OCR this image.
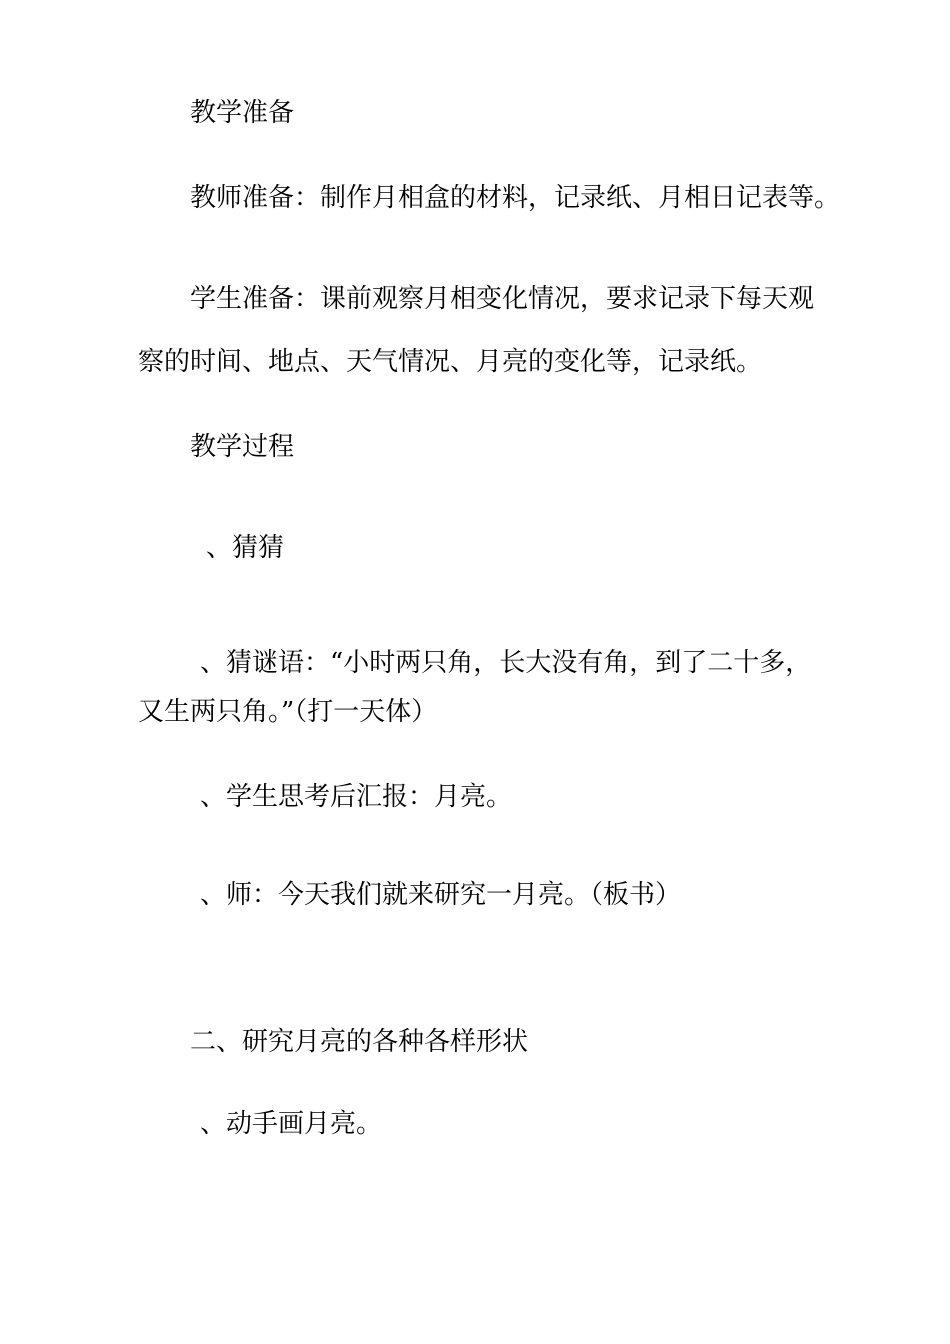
教学准备

教师准备：制作月相盒的材料，记录纸、月相日记表等。

学生准备：课前观察月相变化情况，要求记录下每天观

察的时间、地点、天气情况、月亮的变化等，记录纸。

教学过程

、猜猜

、猜谜语：“小时两只角，长大没有角，到了二十多，

又生两只角。”（打一天体）

、学生思考后汇报：月亮。

、师：今天我们就来研究一月亮。（板书）

二、研究月亮的各种各样形状

、动手画月亮。
